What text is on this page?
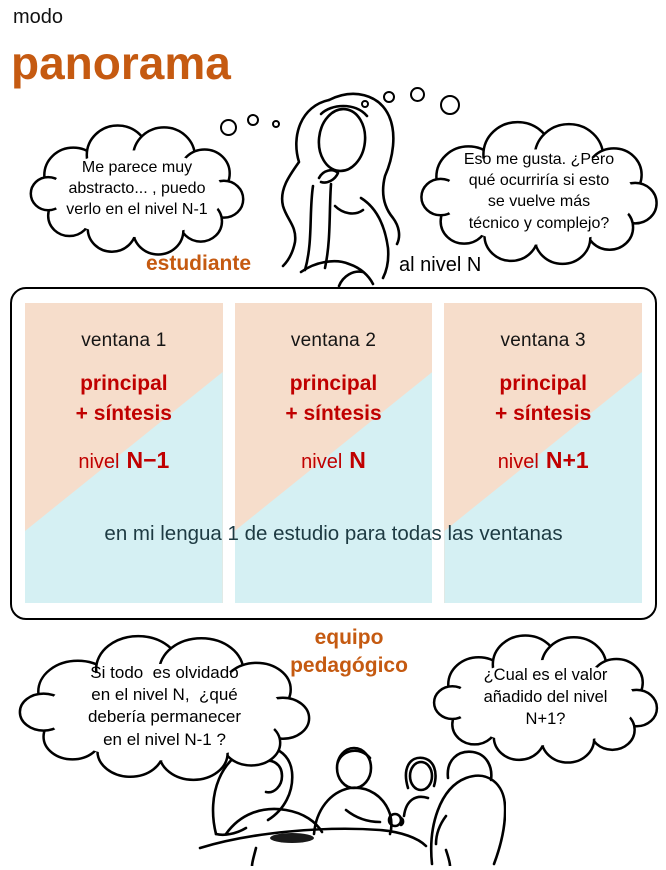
modo
panorama
Me parece muy
abstracto... , puedo
verlo en el nivel N-1
Eso me gusta. ¿Pero
qué ocurriría si esto
se vuelve más
técnico y complejo?
estudiante	al nivel N
ventana 1
principal
+ síntesis
nivel N−1
ventana 2
principal
+ síntesis
nivel N
ventana 3
principal
+ síntesis
nivel N+1
en mi lengua 1 de estudio para todas las ventanas
equipo
pedagógico
Si todo  es olvidado
en el nivel N,  ¿qué
debería permanecer
en el nivel N-1 ?
¿Cual es el valor
añadido del nivel
N+1?
